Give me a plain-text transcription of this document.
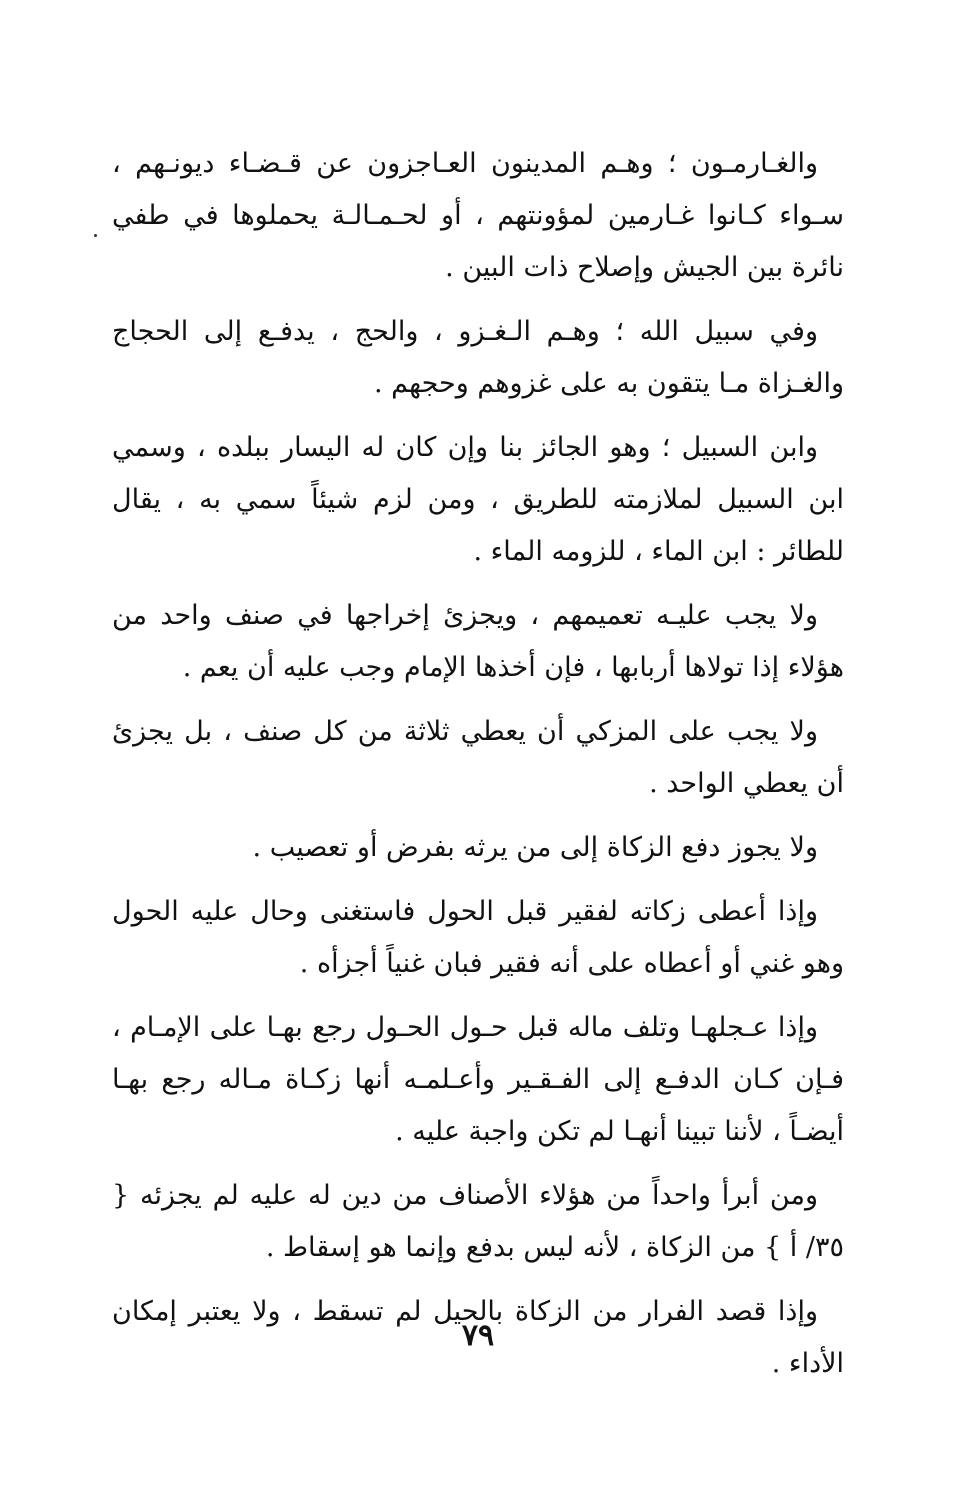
والغـارمـون ؛ وهـم المدينون العـاجزون عن قـضـاء ديونـهم ، سـواء كـانوا غـارمين لمؤونتهم ، أو لحـمـالـة يحملوها في طفي نائرة بين الجيش وإصلاح ذات البين .

وفي سبيل الله ؛ وهـم الـغـزو ، والحج ، يدفـع إلى الحجاج والغـزاة مـا يتقون به على غزوهم وحجهم .

وابن السبيل ؛ وهو الجائز بنا وإن كان له اليسار ببلده ، وسمي ابن السبيل لملازمته للطريق ، ومن لزم شيئاً سمي به ، يقال للطائر : ابن الماء ، للزومه الماء .

ولا يجب عليـه تعميمهم ، ويجزئ إخراجها في صنف واحد من هؤلاء إذا تولاها أربابها ، فإن أخذها الإمام وجب عليه أن يعم .

ولا يجب على المزكي أن يعطي ثلاثة من كل صنف ، بل يجزئ أن يعطي الواحد .

ولا يجوز دفع الزكاة إلى من يرثه بفرض أو تعصيب .

وإذا أعطى زكاته لفقير قبل الحول فاستغنى وحال عليه الحول وهو غني أو أعطاه على أنه فقير فبان غنياً أجزأه .

وإذا عـجلهـا وتلف ماله قبل حـول الحـول رجع بهـا على الإمـام ، فـإن كـان الدفـع إلى الفـقـير وأعـلمـه أنها زكـاة مـاله رجع بهـا أيضـاً ، لأننا تبينا أنهـا لم تكن واجبة عليه .

ومن أبرأ واحداً من هؤلاء الأصناف من دين له عليه لم يجزئه { ٣٥/ أ } من الزكاة ، لأنه ليس بدفع وإنما هو إسقاط .

وإذا قصد الفرار من الزكاة بالحيل لم تسقط ، ولا يعتبر إمكان الأداء .

٧٩
